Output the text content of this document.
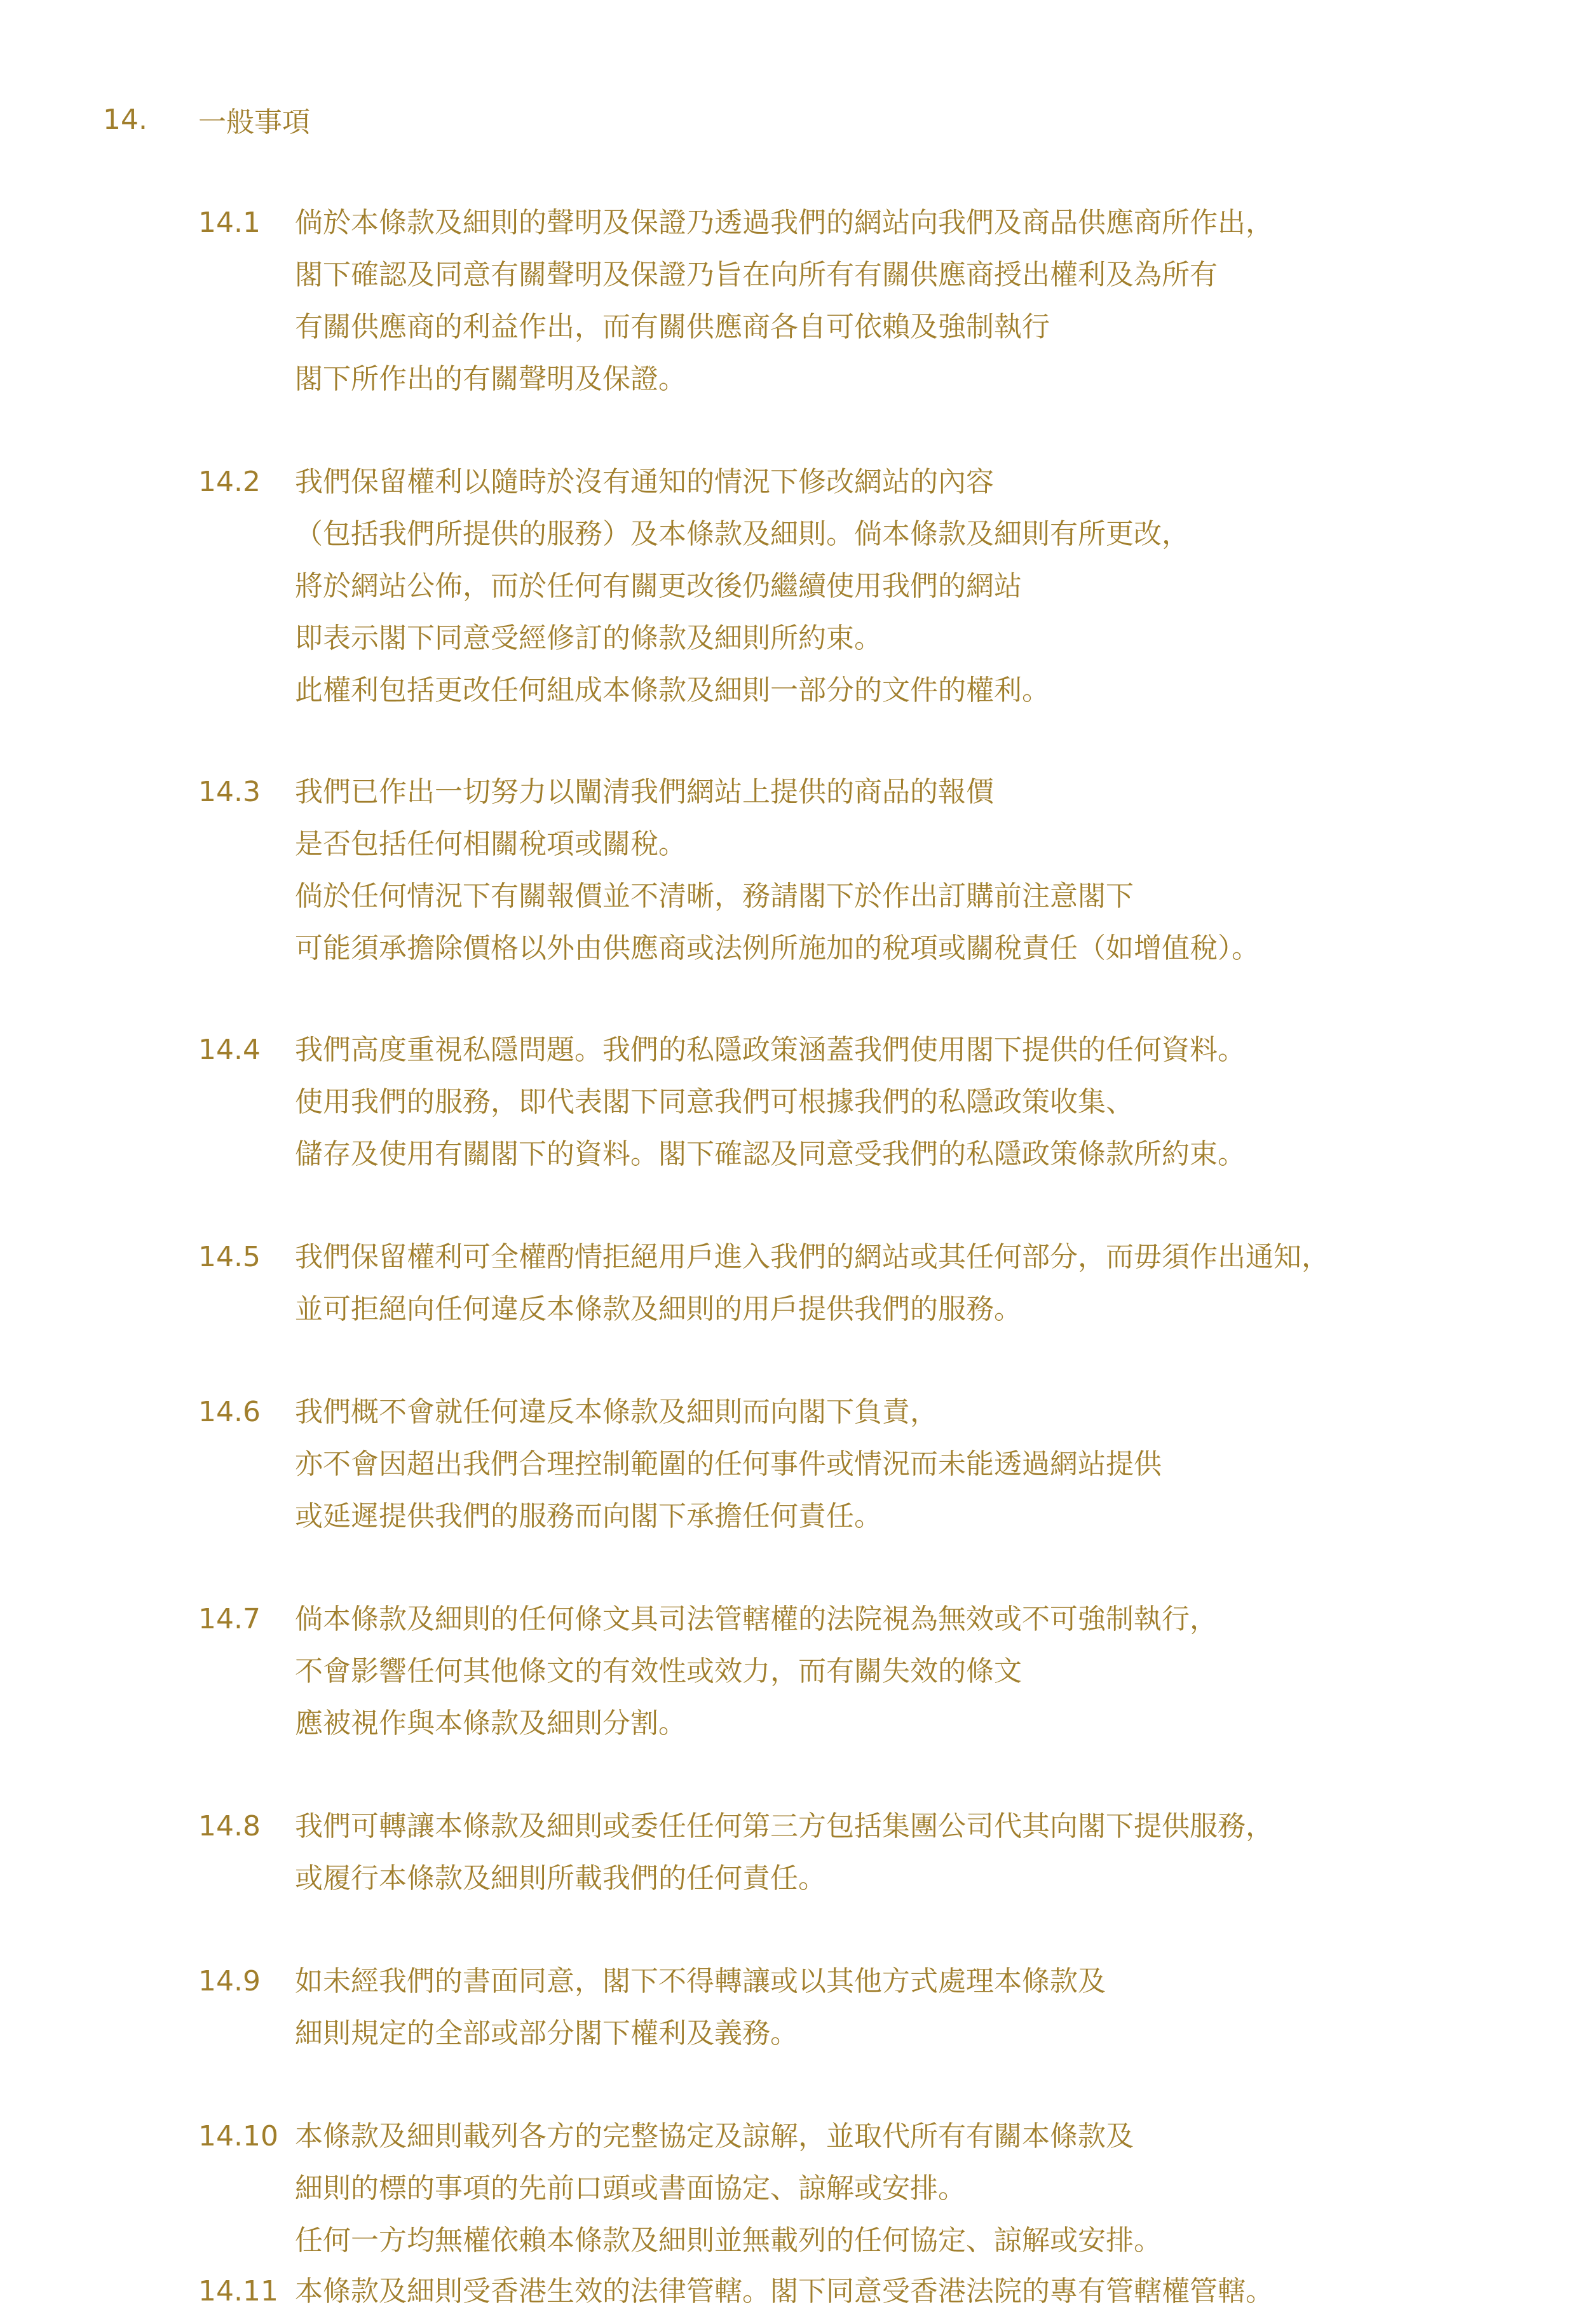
14.	一般事項
14.1	倘於本條款及細則的聲明及保證乃透過我們的網站向我們及商品供應商所作出，
閣下確認及同意有關聲明及保證乃旨在向所有有關供應商授出權利及為所有
有關供應商的利益作出，而有關供應商各自可依賴及強制執行
閣下所作出的有關聲明及保證。
14.2	我們保留權利以隨時於沒有通知的情況下修改網站的內容
（包括我們所提供的服務）及本條款及細則。倘本條款及細則有所更改，
將於網站公佈，而於任何有關更改後仍繼續使用我們的網站
即表示閣下同意受經修訂的條款及細則所約束。
此權利包括更改任何組成本條款及細則一部分的文件的權利。
14.3	我們已作出一切努力以闡清我們網站上提供的商品的報價
是否包括任何相關稅項或關稅。
倘於任何情況下有關報價並不清晰，務請閣下於作出訂購前注意閣下
可能須承擔除價格以外由供應商或法例所施加的稅項或關稅責任（如增值稅）。
14.4	我們高度重視私隱問題。我們的私隱政策涵蓋我們使用閣下提供的任何資料。
使用我們的服務，即代表閣下同意我們可根據我們的私隱政策收集、
儲存及使用有關閣下的資料。閣下確認及同意受我們的私隱政策條款所約束。
14.5	我們保留權利可全權酌情拒絕用戶進入我們的網站或其任何部分，而毋須作出通知，
並可拒絕向任何違反本條款及細則的用戶提供我們的服務。
14.6	我們概不會就任何違反本條款及細則而向閣下負責，
亦不會因超出我們合理控制範圍的任何事件或情況而未能透過網站提供
或延遲提供我們的服務而向閣下承擔任何責任。
14.7	倘本條款及細則的任何條文具司法管轄權的法院視為無效或不可強制執行，
不會影響任何其他條文的有效性或效力，而有關失效的條文
應被視作與本條款及細則分割。
14.8	我們可轉讓本條款及細則或委任任何第三方包括集團公司代其向閣下提供服務，
或履行本條款及細則所載我們的任何責任。
14.9	如未經我們的書面同意，閣下不得轉讓或以其他方式處理本條款及
細則規定的全部或部分閣下權利及義務。
14.10 本條款及細則載列各方的完整協定及諒解，並取代所有有關本條款及
細則的標的事項的先前口頭或書面協定、諒解或安排。
任何一方均無權依賴本條款及細則並無載列的任何協定、諒解或安排。
14.11 本條款及細則受香港生效的法律管轄。閣下同意受香港法院的專有管轄權管轄。
